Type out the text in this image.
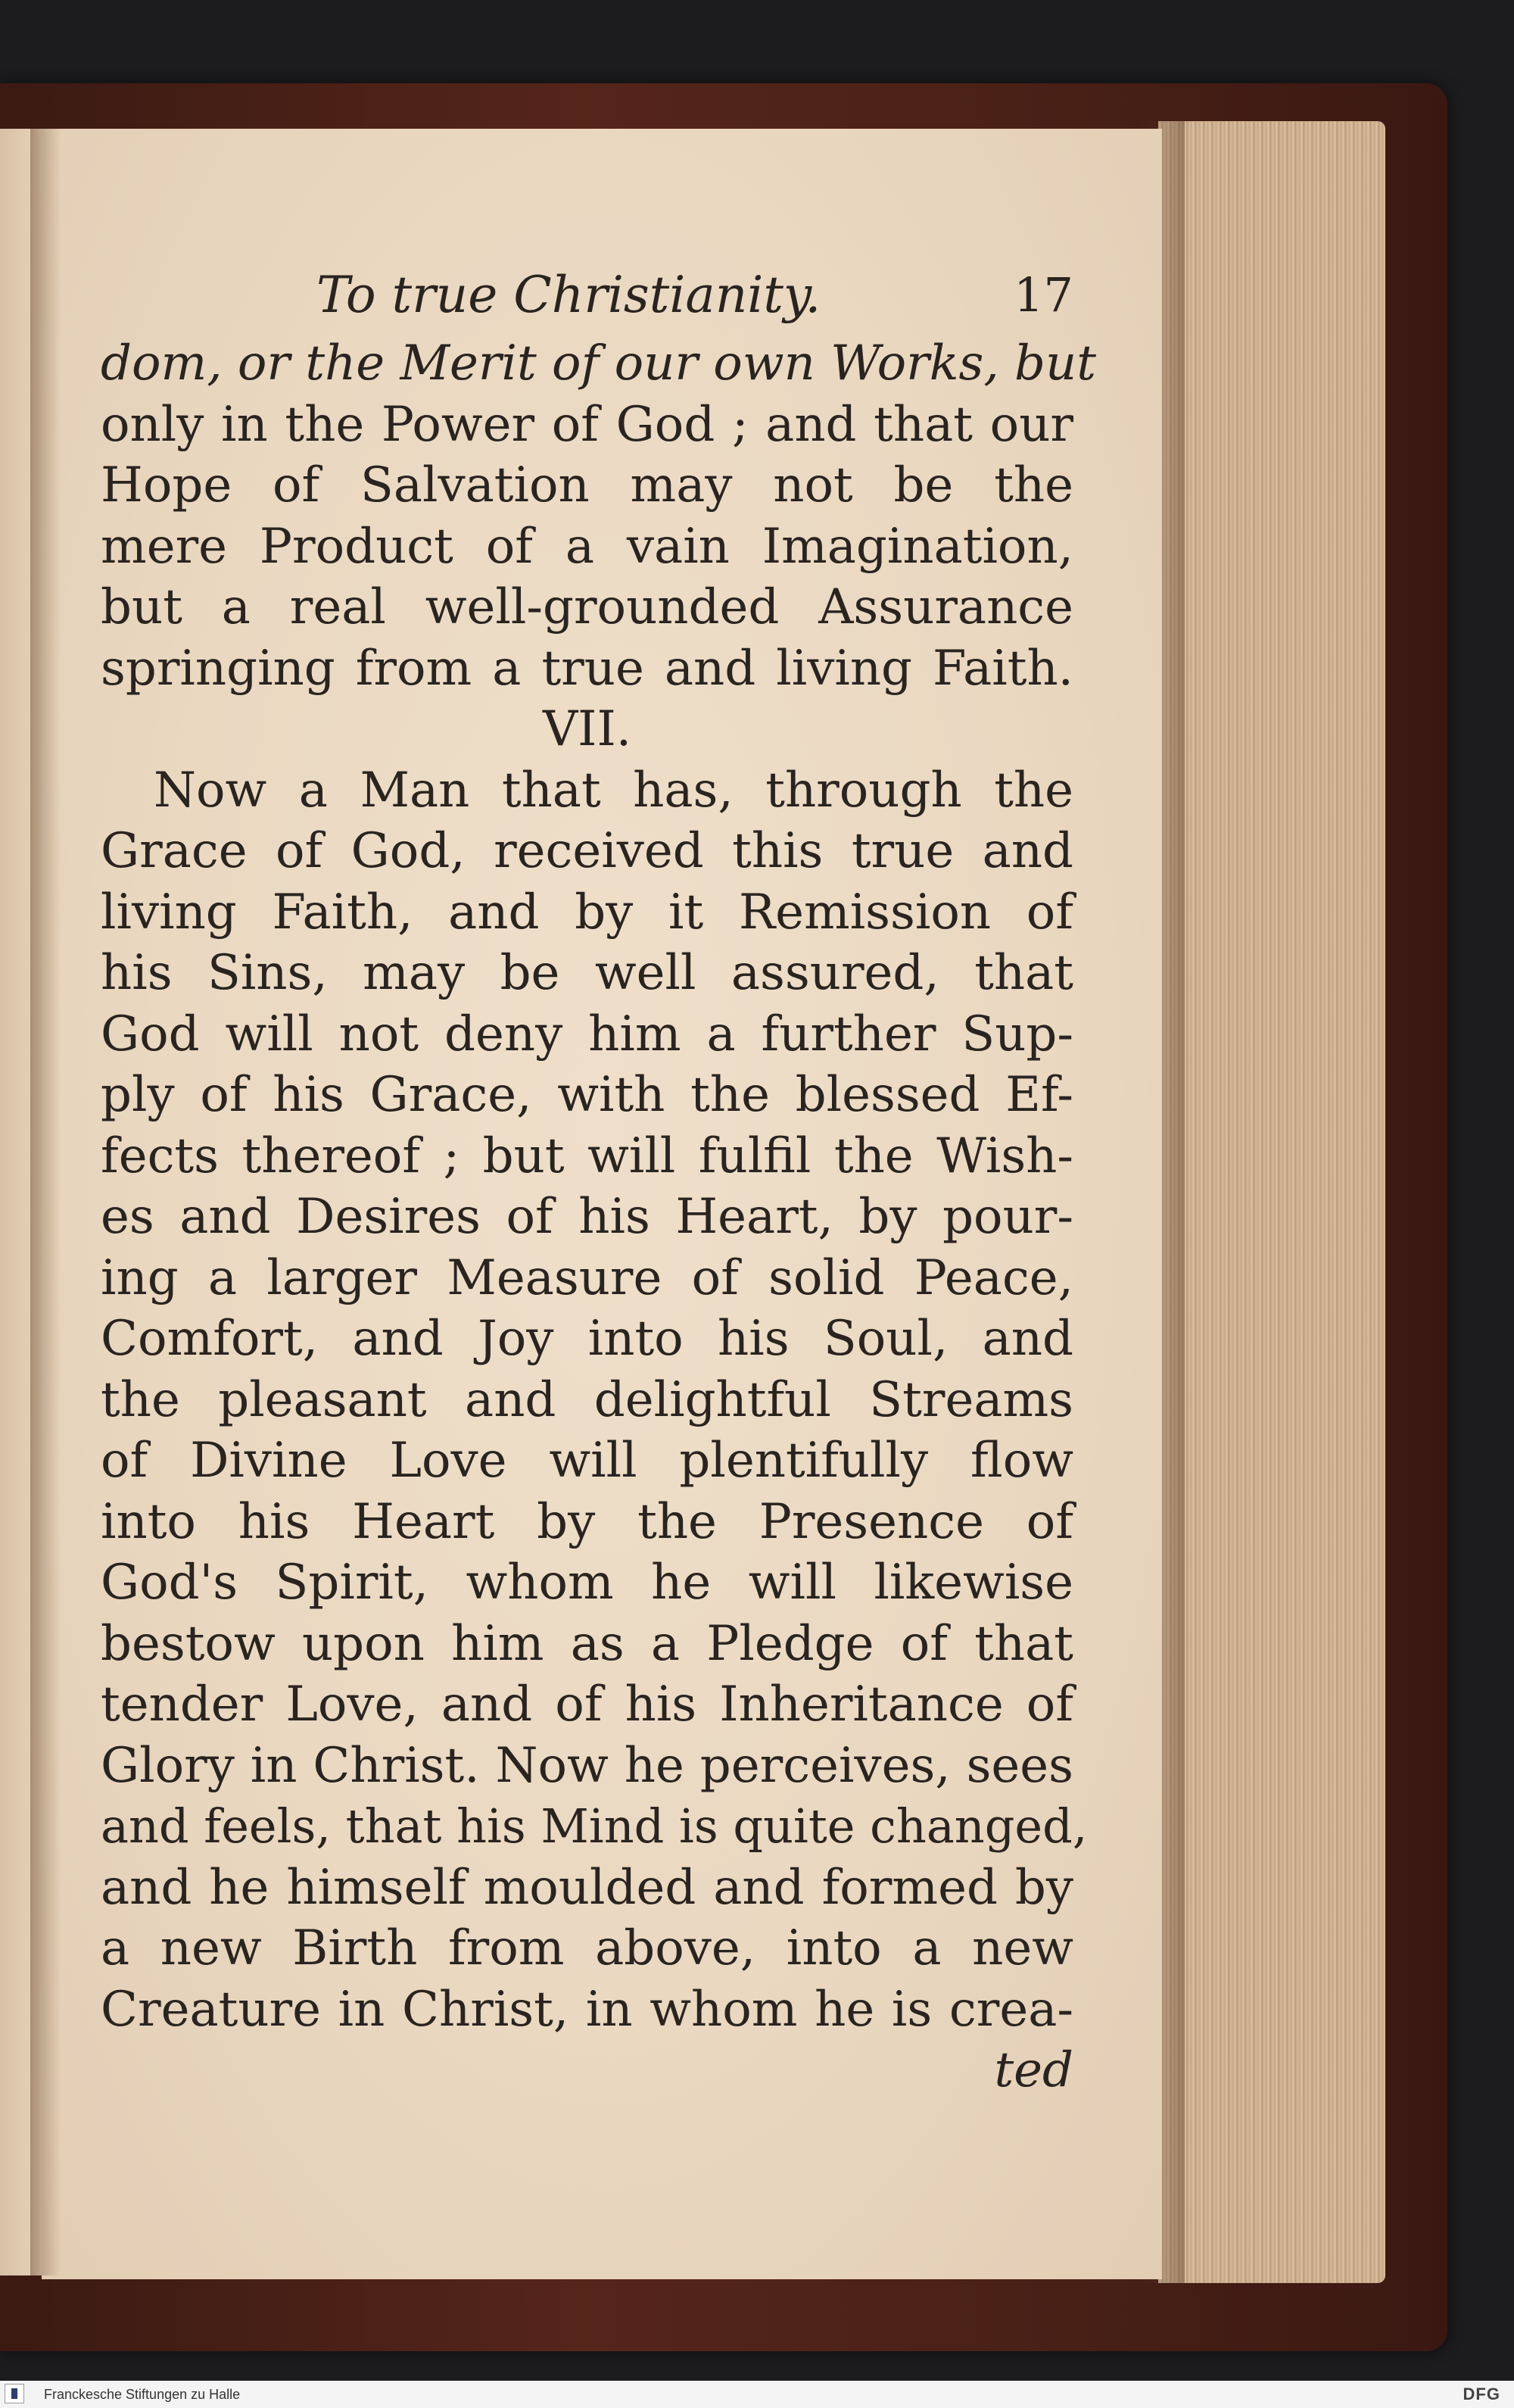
To true Christianity.	17
dom, or the Merit of our own Works, but
only in the Power of God ; and that our
Hope of Salvation may not be the
mere Product of a vain Imagination,
but a real well-grounded Assurance
springing from a true and living Faith.
VII.
Now a Man that has, through the
Grace of God, received this true and
living Faith, and by it Remission of
his Sins, may be well assured, that
God will not deny him a further Sup-
ply of his Grace, with the blessed Ef-
fects thereof ; but will fulfil the Wish-
es and Desires of his Heart, by pour-
ing a larger Measure of solid Peace,
Comfort, and Joy into his Soul, and
the pleasant and delightful Streams
of Divine Love will plentifully flow
into his Heart by the Presence of
God's Spirit, whom he will likewise
bestow upon him as a Pledge of that
tender Love, and of his Inheritance of
Glory in Christ. Now he perceives, sees
and feels, that his Mind is quite changed,
and he himself moulded and formed by
a new Birth from above, into a new
Creature in Christ, in whom he is crea-
ted
Franckesche Stiftungen zu Halle	DFG
